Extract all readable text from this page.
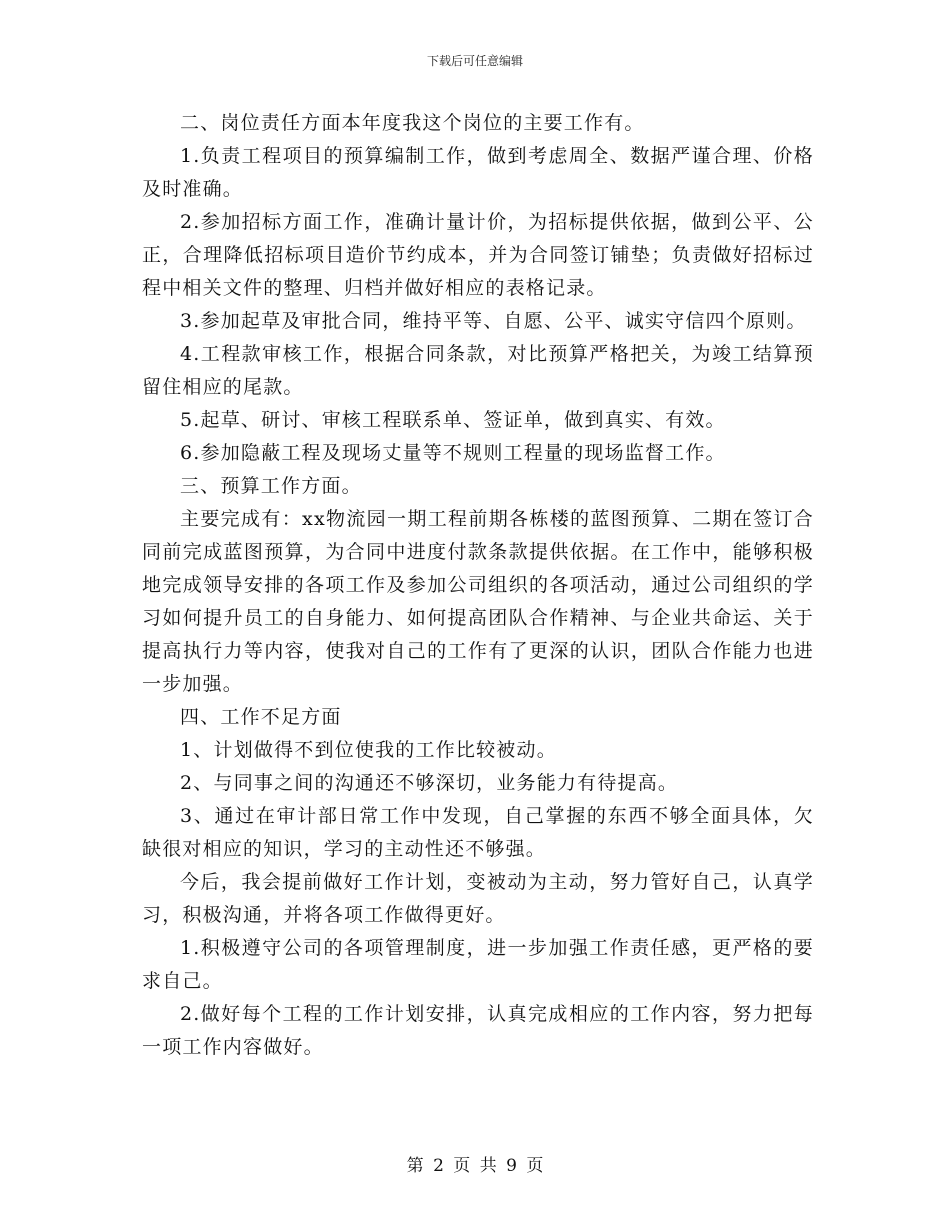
下载后可任意编辑

二、岗位责任方面本年度我这个岗位的主要工作有。

1.负责工程项目的预算编制工作，做到考虑周全、数据严谨合理、价格及时准确。

2.参加招标方面工作，准确计量计价，为招标提供依据，做到公平、公正，合理降低招标项目造价节约成本，并为合同签订铺垫；负责做好招标过程中相关文件的整理、归档并做好相应的表格记录。

3.参加起草及审批合同，维持平等、自愿、公平、诚实守信四个原则。

4.工程款审核工作，根据合同条款，对比预算严格把关，为竣工结算预留住相应的尾款。

5.起草、研讨、审核工程联系单、签证单，做到真实、有效。

6.参加隐蔽工程及现场丈量等不规则工程量的现场监督工作。

三、预算工作方面。

主要完成有：xx物流园一期工程前期各栋楼的蓝图预算、二期在签订合同前完成蓝图预算，为合同中进度付款条款提供依据。在工作中，能够积极地完成领导安排的各项工作及参加公司组织的各项活动，通过公司组织的学习如何提升员工的自身能力、如何提高团队合作精神、与企业共命运、关于提高执行力等内容，使我对自己的工作有了更深的认识，团队合作能力也进一步加强。

四、工作不足方面

1、计划做得不到位使我的工作比较被动。

2、与同事之间的沟通还不够深切，业务能力有待提高。

3、通过在审计部日常工作中发现，自己掌握的东西不够全面具体，欠缺很对相应的知识，学习的主动性还不够强。

今后，我会提前做好工作计划，变被动为主动，努力管好自己，认真学习，积极沟通，并将各项工作做得更好。

1.积极遵守公司的各项管理制度，进一步加强工作责任感，更严格的要求自己。

2.做好每个工程的工作计划安排，认真完成相应的工作内容，努力把每一项工作内容做好。

第 2 页 共 9 页
